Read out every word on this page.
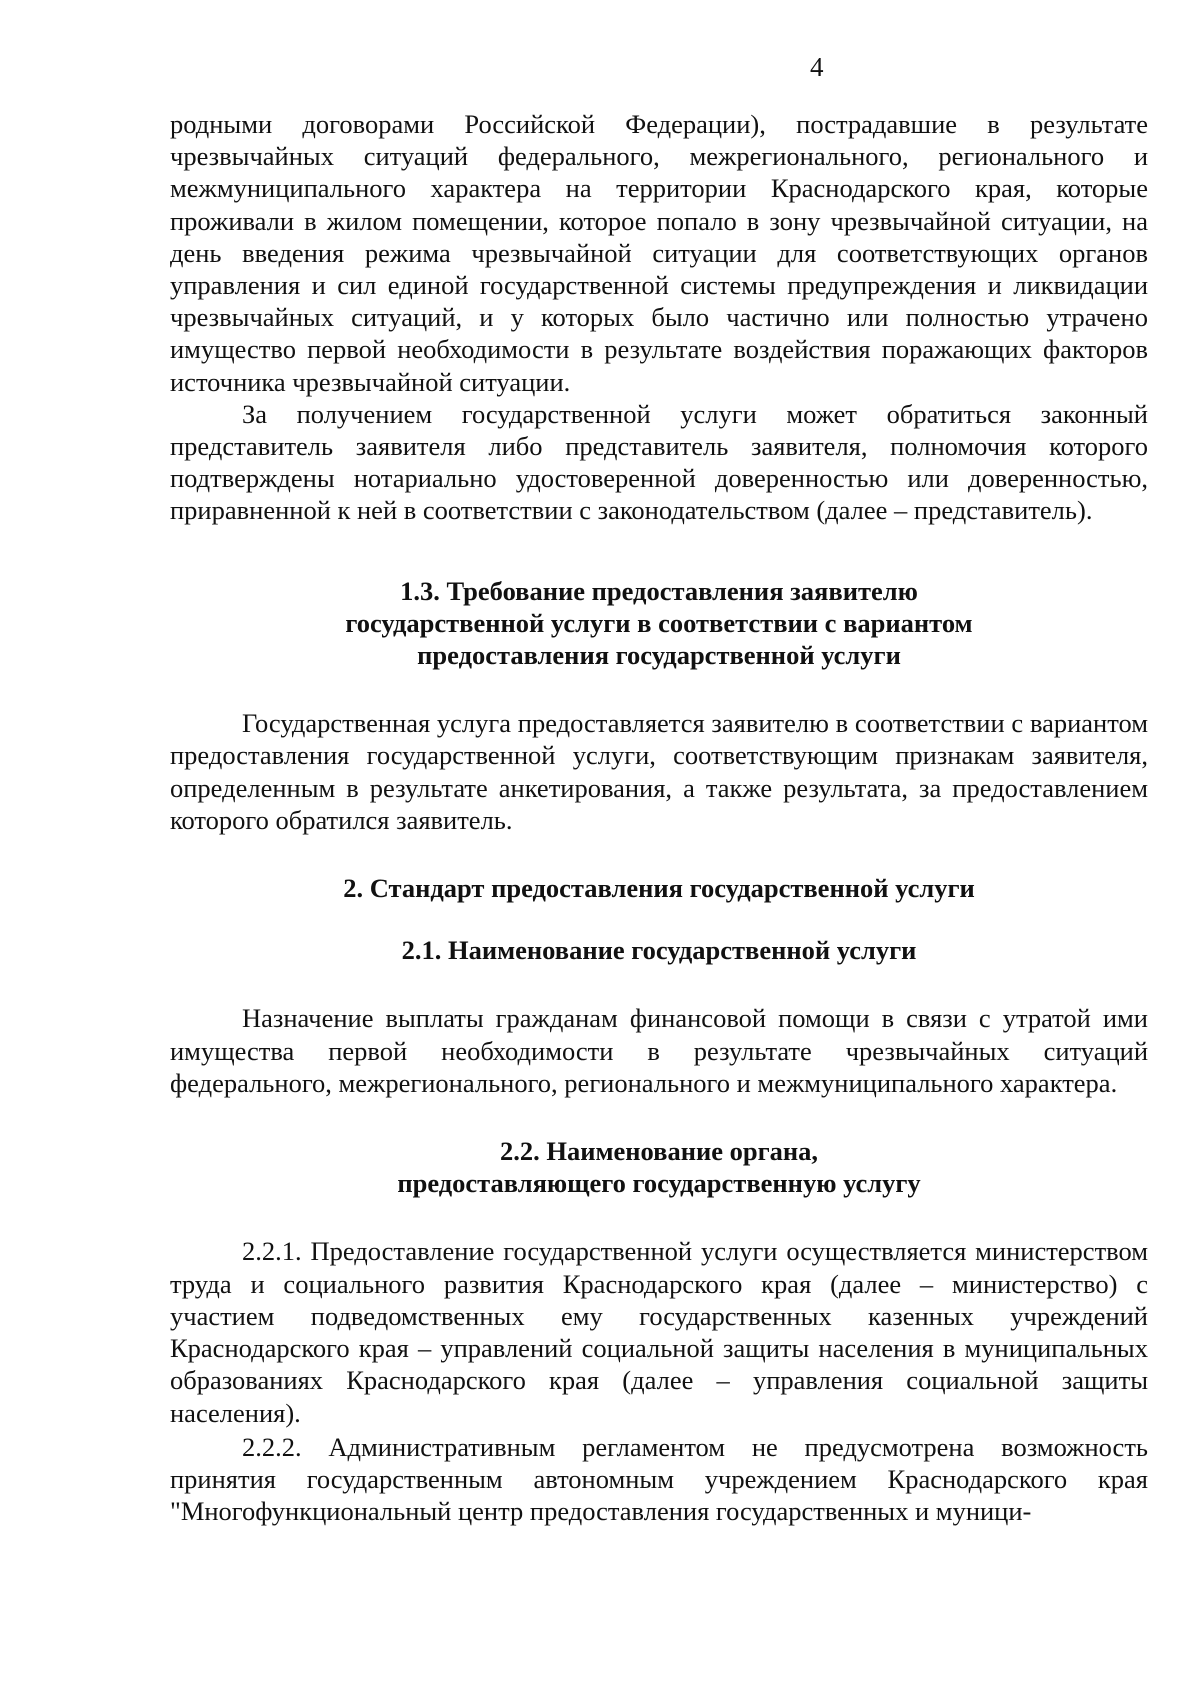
4

родными договорами Российской Федерации), пострадавшие в результате чрезвычайных ситуаций федерального, межрегионального, регионального и межмуниципального характера на территории Краснодарского края, которые проживали в жилом помещении, которое попало в зону чрезвычайной ситуации, на день введения режима чрезвычайной ситуации для соответствующих органов управления и сил единой государственной системы предупреждения и ликвидации чрезвычайных ситуаций, и у которых было частично или полностью утрачено имущество первой необходимости в результате воздействия поражающих факторов источника чрезвычайной ситуации.

За получением государственной услуги может обратиться законный представитель заявителя либо представитель заявителя, полномочия которого подтверждены нотариально удостоверенной доверенностью или доверенностью, приравненной к ней в соответствии с законодательством (далее – представитель).

1.3. Требование предоставления заявителю
государственной услуги в соответствии с вариантом
предоставления государственной услуги

Государственная услуга предоставляется заявителю в соответствии с вариантом предоставления государственной услуги, соответствующим признакам заявителя, определенным в результате анкетирования, а также результата, за предоставлением которого обратился заявитель.

2. Стандарт предоставления государственной услуги
2.1. Наименование государственной услуги

Назначение выплаты гражданам финансовой помощи в связи с утратой ими имущества первой необходимости в результате чрезвычайных ситуаций федерального, межрегионального, регионального и межмуниципального характера.

2.2. Наименование органа,
предоставляющего государственную услугу

2.2.1. Предоставление государственной услуги осуществляется министерством труда и социального развития Краснодарского края (далее – министерство) с участием подведомственных ему государственных казенных учреждений Краснодарского края – управлений социальной защиты населения в муниципальных образованиях Краснодарского края (далее – управления социальной защиты населения).

2.2.2. Административным регламентом не предусмотрена возможность принятия государственным автономным учреждением Краснодарского края "Многофункциональный центр предоставления государственных и муници-
